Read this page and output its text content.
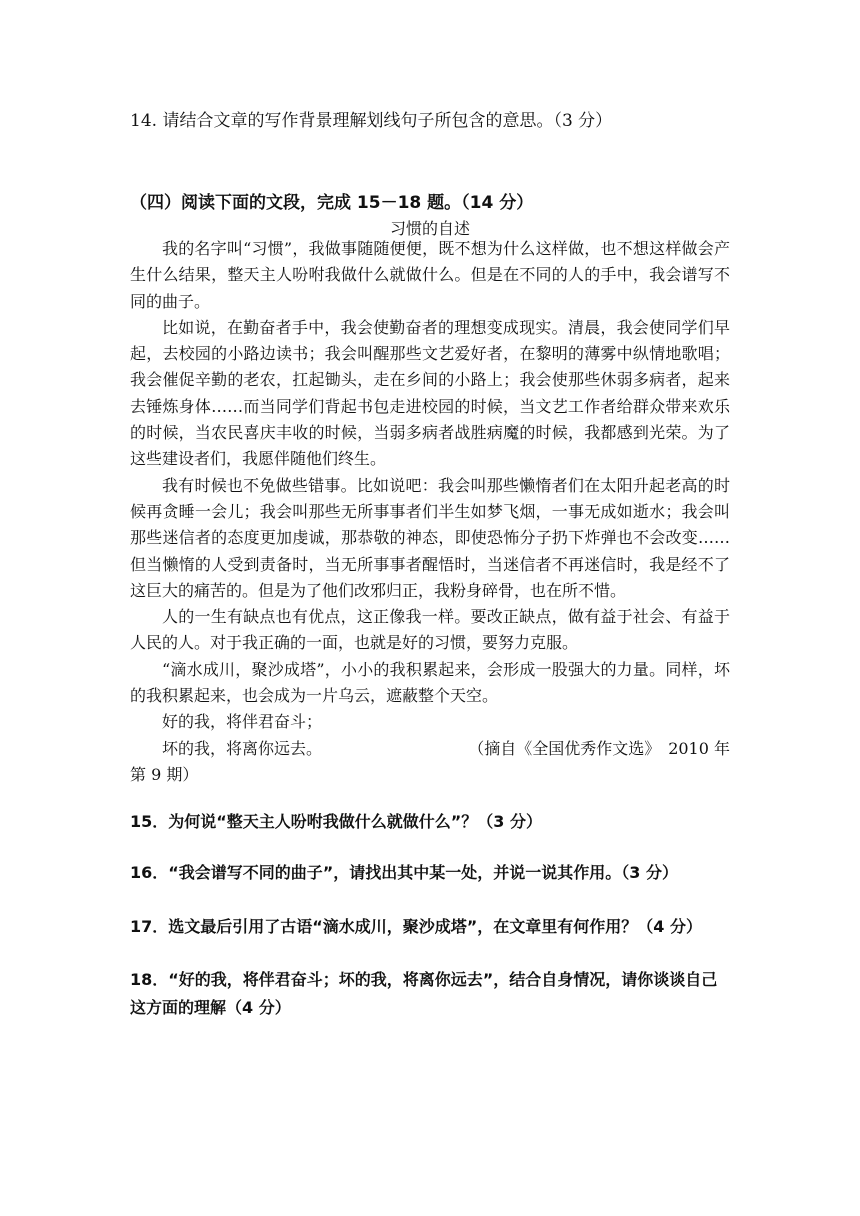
14. 请结合文章的写作背景理解划线句子所包含的意思。（3 分）
（四）阅读下面的文段，完成 15－18 题。（14 分）
习惯的自述

我的名字叫“习惯”，我做事随随便便，既不想为什么这样做，也不想这样做会产生什么结果，整天主人吩咐我做什么就做什么。但是在不同的人的手中，我会谱写不同的曲子。

比如说，在勤奋者手中，我会使勤奋者的理想变成现实。清晨，我会使同学们早起，去校园的小路边读书；我会叫醒那些文艺爱好者，在黎明的薄雾中纵情地歌唱；我会催促辛勤的老农，扛起锄头，走在乡间的小路上；我会使那些休弱多病者，起来去锤炼身体……而当同学们背起书包走进校园的时候，当文艺工作者给群众带来欢乐的时候，当农民喜庆丰收的时候，当弱多病者战胜病魔的时候，我都感到光荣。为了这些建设者们，我愿伴随他们终生。

我有时候也不免做些错事。比如说吧：我会叫那些懒惰者们在太阳升起老高的时候再贪睡一会儿；我会叫那些无所事事者们半生如梦飞烟，一事无成如逝水；我会叫那些迷信者的态度更加虔诚，那恭敬的神态，即使恐怖分子扔下炸弹也不会改变……但当懒惰的人受到责备时，当无所事事者醒悟时，当迷信者不再迷信时，我是经不了这巨大的痛苦的。但是为了他们改邪归正，我粉身碎骨，也在所不惜。

人的一生有缺点也有优点，这正像我一样。要改正缺点，做有益于社会、有益于人民的人。对于我正确的一面，也就是好的习惯，要努力克服。

“滴水成川，聚沙成塔”，小小的我积累起来，会形成一股强大的力量。同样，坏的我积累起来，也会成为一片乌云，遮蔽整个天空。

好的我，将伴君奋斗；

坏的我，将离你远去。	（摘自《全国优秀作文选》　2010 年
第 9 期）
15．为何说“整天主人吩咐我做什么就做什么”？（3 分）
16．“我会谱写不同的曲子”，请找出其中某一处，并说一说其作用。（3 分）
17．选文最后引用了古语“滴水成川，聚沙成塔”，在文章里有何作用？（4 分）
18．“好的我，将伴君奋斗；坏的我，将离你远去”，结合自身情况，请你谈谈自己这方面的理解（4 分）
